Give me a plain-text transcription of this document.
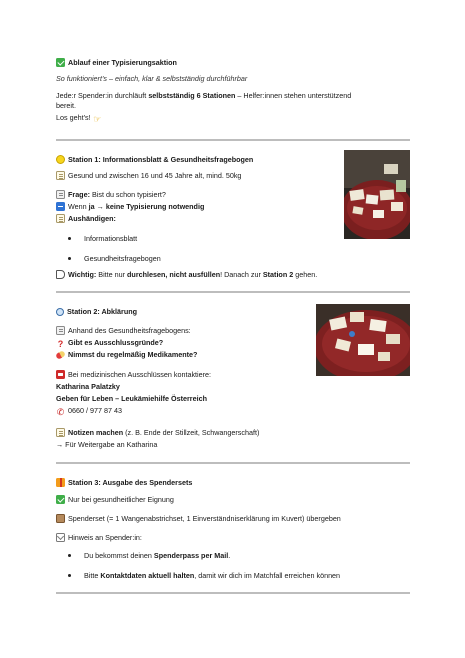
Ablauf einer Typisierungsaktion
So funktioniert’s – einfach, klar & selbstständig durchführbar
Jede:r Spender:in durchläuft selbstständig 6 Stationen – Helfer:innen stehen unterstützend
bereit.
Los geht’s! ☞
Station 1: Informationsblatt & Gesundheitsfragebogen
Gesund und zwischen 16 und 45 Jahre alt, mind. 50kg
Frage: Bist du schon typisiert?
Wenn ja → keine Typisierung notwendig
Aushändigen:
Informationsblatt
Gesundheitsfragebogen
Wichtig: Bitte nur durchlesen, nicht ausfüllen! Danach zur Station 2 gehen.
Station 2: Abklärung
Anhand des Gesundheitsfragebogens:
? Gibt es Ausschlussgründe?
Nimmst du regelmäßig Medikamente?
Bei medizinischen Ausschlüssen kontaktiere:
Katharina Palatzky
Geben für Leben – Leukämiehilfe Österreich
✆ 0660 / 977 87 43
Notizen machen (z. B. Ende der Stillzeit, Schwangerschaft)
→ Für Weitergabe an Katharina
Station 3: Ausgabe des Spendersets
Nur bei gesundheitlicher Eignung
Spenderset (= 1 Wangenabstrichset, 1 Einverständniserklärung im Kuvert) übergeben
Hinweis an Spender:in:
Du bekommst deinen Spenderpass per Mail.
Bitte Kontaktdaten aktuell halten, damit wir dich im Matchfall erreichen können
